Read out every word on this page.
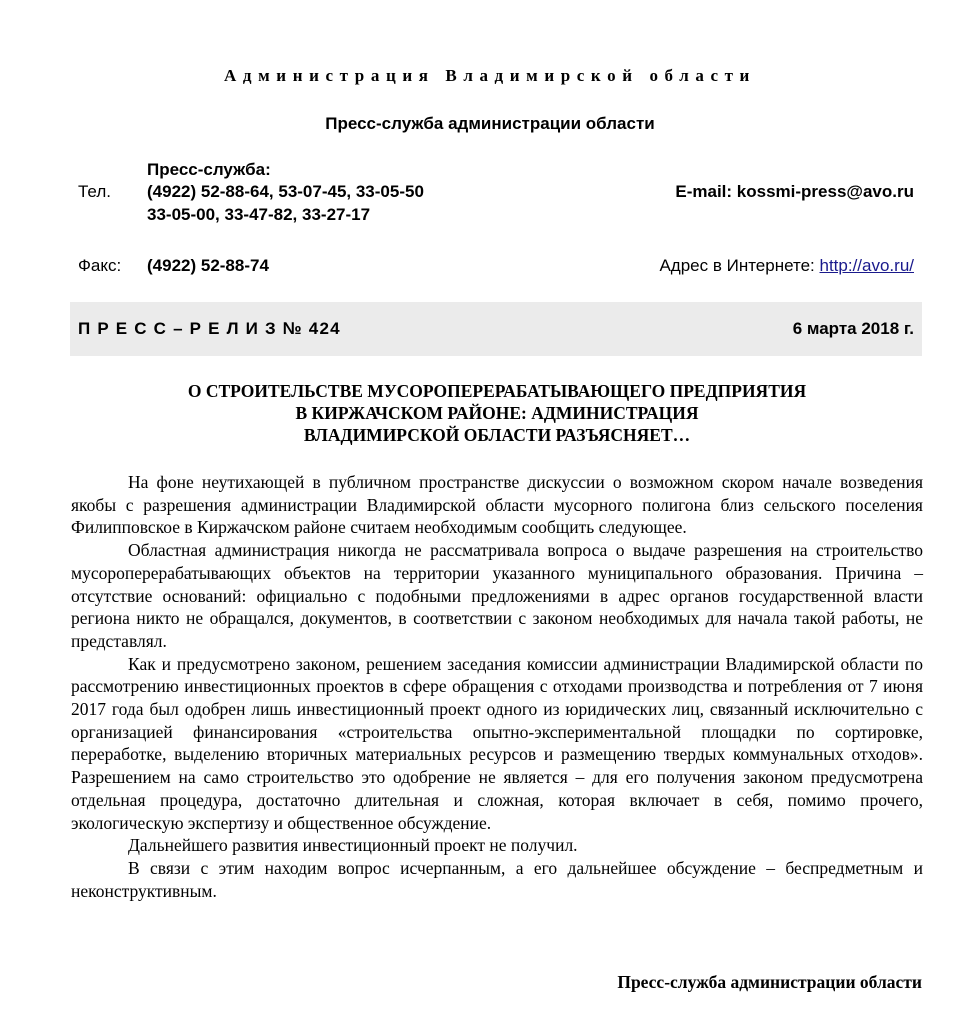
Администрация Владимирской области
Пресс-служба администрации области
Пресс-служба:
Тел. (4922) 52-88-64, 53-07-45, 33-05-50
33-05-00, 33-47-82, 33-27-17
E-mail: kossmi-press@avo.ru
Факс: (4922) 52-88-74	Адрес в Интернете: http://avo.ru/
П Р Е С С – Р Е Л И З № 424	6 марта 2018 г.
О СТРОИТЕЛЬСТВЕ МУСОРОПЕРЕРАБАТЫВАЮЩЕГО ПРЕДПРИЯТИЯ
В КИРЖАЧСКОМ РАЙОНЕ: АДМИНИСТРАЦИЯ
ВЛАДИМИРСКОЙ ОБЛАСТИ РАЗЪЯСНЯЕТ…

На фоне неутихающей в публичном пространстве дискуссии о возможном скором начале возведения якобы с разрешения администрации Владимирской области мусорного полигона близ сельского поселения Филипповское в Киржачском районе считаем необходимым сообщить следующее.

Областная администрация никогда не рассматривала вопроса о выдаче разрешения на строительство мусороперерабатывающих объектов на территории указанного муниципального образования. Причина – отсутствие оснований: официально с подобными предложениями в адрес органов государственной власти региона никто не обращался, документов, в соответствии с законом необходимых для начала такой работы, не представлял.

Как и предусмотрено законом, решением заседания комиссии администрации Владимирской области по рассмотрению инвестиционных проектов в сфере обращения с отходами производства и потребления от 7 июня 2017 года был одобрен лишь инвестиционный проект одного из юридических лиц, связанный исключительно с организацией финансирования «строительства опытно-экспериментальной площадки по сортировке, переработке, выделению вторичных материальных ресурсов и размещению твердых коммунальных отходов». Разрешением на само строительство это одобрение не является – для его получения законом предусмотрена отдельная процедура, достаточно длительная и сложная, которая включает в себя, помимо прочего, экологическую экспертизу и общественное обсуждение.

Дальнейшего развития инвестиционный проект не получил.

В связи с этим находим вопрос исчерпанным, а его дальнейшее обсуждение – беспредметным и неконструктивным.

Пресс-служба администрации области
